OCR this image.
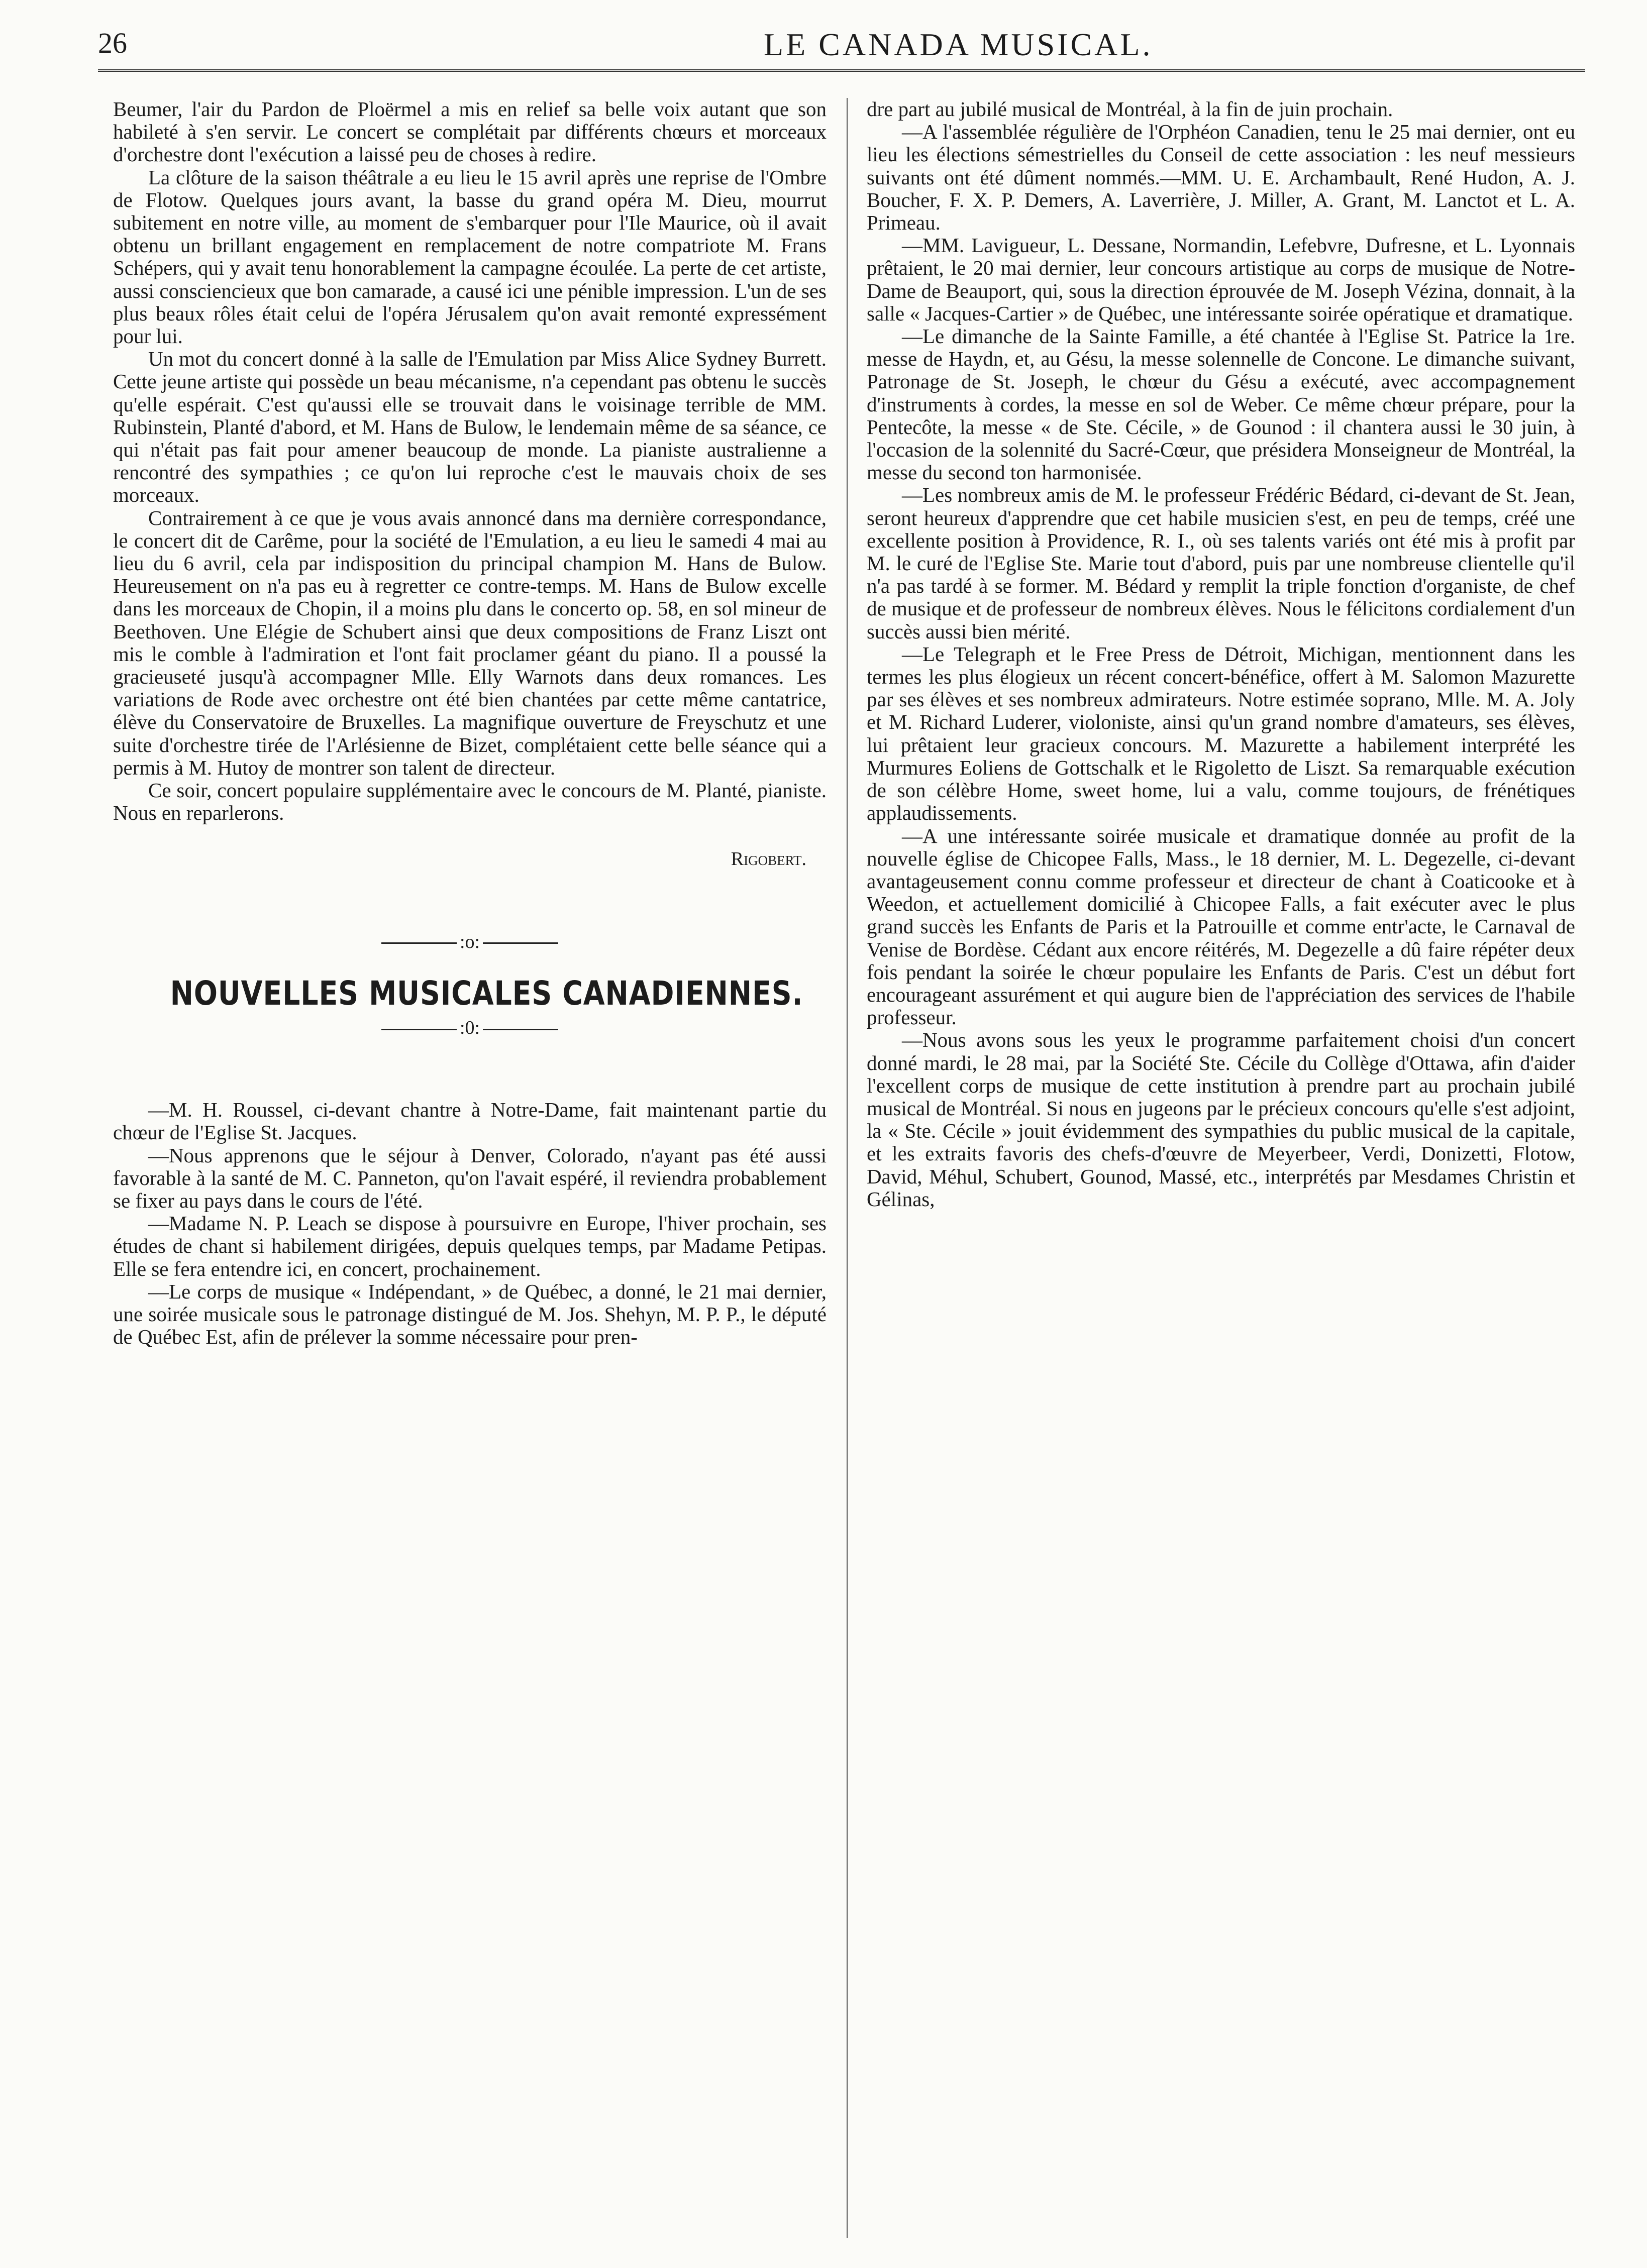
26	LE CANADA MUSICAL.

Beumer, l'air du Pardon de Ploërmel a mis en relief sa belle voix autant que son habileté à s'en servir. Le concert se complétait par différents chœurs et morceaux d'orchestre dont l'exécution a laissé peu de choses à redire.

La clôture de la saison théâtrale a eu lieu le 15 avril après une reprise de l'Ombre de Flotow. Quelques jours avant, la basse du grand opéra M. Dieu, mourrut subitement en notre ville, au moment de s'embarquer pour l'Ile Maurice, où il avait obtenu un brillant engagement en remplacement de notre compatriote M. Frans Schépers, qui y avait tenu honorablement la campagne écoulée. La perte de cet artiste, aussi consciencieux que bon camarade, a causé ici une pénible impression. L'un de ses plus beaux rôles était celui de l'opéra Jérusalem qu'on avait remonté expressément pour lui.

Un mot du concert donné à la salle de l'Emulation par Miss Alice Sydney Burrett. Cette jeune artiste qui possède un beau mécanisme, n'a cependant pas obtenu le succès qu'elle espérait. C'est qu'aussi elle se trouvait dans le voisinage terrible de MM. Rubinstein, Planté d'abord, et M. Hans de Bulow, le lendemain même de sa séance, ce qui n'était pas fait pour amener beaucoup de monde. La pianiste australienne a rencontré des sympathies ; ce qu'on lui reproche c'est le mauvais choix de ses morceaux.

Contrairement à ce que je vous avais annoncé dans ma dernière correspondance, le concert dit de Carême, pour la société de l'Emulation, a eu lieu le samedi 4 mai au lieu du 6 avril, cela par indisposition du principal champion M. Hans de Bulow. Heureusement on n'a pas eu à regretter ce contre-temps. M. Hans de Bulow excelle dans les morceaux de Chopin, il a moins plu dans le concerto op. 58, en sol mineur de Beethoven. Une Elégie de Schubert ainsi que deux compositions de Franz Liszt ont mis le comble à l'admiration et l'ont fait proclamer géant du piano. Il a poussé la gracieuseté jusqu'à accompagner Mlle. Elly Warnots dans deux romances. Les variations de Rode avec orchestre ont été bien chantées par cette même cantatrice, élève du Conservatoire de Bruxelles. La magnifique ouverture de Freyschutz et une suite d'orchestre tirée de l'Arlésienne de Bizet, complétaient cette belle séance qui a permis à M. Hutoy de montrer son talent de directeur.

Ce soir, concert populaire supplémentaire avec le concours de M. Planté, pianiste. Nous en reparlerons.

Rigobert.
:o:
NOUVELLES MUSICALES CANADIENNES.
:0:

—M. H. Roussel, ci-devant chantre à Notre-Dame, fait maintenant partie du chœur de l'Eglise St. Jacques.

—Nous apprenons que le séjour à Denver, Colorado, n'ayant pas été aussi favorable à la santé de M. C. Panneton, qu'on l'avait espéré, il reviendra probablement se fixer au pays dans le cours de l'été.

—Madame N. P. Leach se dispose à poursuivre en Europe, l'hiver prochain, ses études de chant si habilement dirigées, depuis quelques temps, par Madame Petipas. Elle se fera entendre ici, en concert, prochainement.

—Le corps de musique « Indépendant, » de Québec, a donné, le 21 mai dernier, une soirée musicale sous le patronage distingué de M. Jos. Shehyn, M. P. P., le député de Québec Est, afin de prélever la somme nécessaire pour pren-

dre part au jubilé musical de Montréal, à la fin de juin prochain.

—A l'assemblée régulière de l'Orphéon Canadien, tenu le 25 mai dernier, ont eu lieu les élections sémestrielles du Conseil de cette association : les neuf messieurs suivants ont été dûment nommés.—MM. U. E. Archambault, René Hudon, A. J. Boucher, F. X. P. Demers, A. Laverrière, J. Miller, A. Grant, M. Lanctot et L. A. Primeau.

—MM. Lavigueur, L. Dessane, Normandin, Lefebvre, Dufresne, et L. Lyonnais prêtaient, le 20 mai dernier, leur concours artistique au corps de musique de Notre-Dame de Beauport, qui, sous la direction éprouvée de M. Joseph Vézina, donnait, à la salle « Jacques-Cartier » de Québec, une intéressante soirée opératique et dramatique.

—Le dimanche de la Sainte Famille, a été chantée à l'Eglise St. Patrice la 1re. messe de Haydn, et, au Gésu, la messe solennelle de Concone. Le dimanche suivant, Patronage de St. Joseph, le chœur du Gésu a exécuté, avec accompagnement d'instruments à cordes, la messe en sol de Weber. Ce même chœur prépare, pour la Pentecôte, la messe « de Ste. Cécile, » de Gounod : il chantera aussi le 30 juin, à l'occasion de la solennité du Sacré-Cœur, que présidera Monseigneur de Montréal, la messe du second ton harmonisée.

—Les nombreux amis de M. le professeur Frédéric Bédard, ci-devant de St. Jean, seront heureux d'apprendre que cet habile musicien s'est, en peu de temps, créé une excellente position à Providence, R. I., où ses talents variés ont été mis à profit par M. le curé de l'Eglise Ste. Marie tout d'abord, puis par une nombreuse clientelle qu'il n'a pas tardé à se former. M. Bédard y remplit la triple fonction d'organiste, de chef de musique et de professeur de nombreux élèves. Nous le félicitons cordialement d'un succès aussi bien mérité.

—Le Telegraph et le Free Press de Détroit, Michigan, mentionnent dans les termes les plus élogieux un récent concert-bénéfice, offert à M. Salomon Mazurette par ses élèves et ses nombreux admirateurs. Notre estimée soprano, Mlle. M. A. Joly et M. Richard Luderer, violoniste, ainsi qu'un grand nombre d'amateurs, ses élèves, lui prêtaient leur gracieux concours. M. Mazurette a habilement interprété les Murmures Eoliens de Gottschalk et le Rigoletto de Liszt. Sa remarquable exécution de son célèbre Home, sweet home, lui a valu, comme toujours, de frénétiques applaudissements.

—A une intéressante soirée musicale et dramatique donnée au profit de la nouvelle église de Chicopee Falls, Mass., le 18 dernier, M. L. Degezelle, ci-devant avantageusement connu comme professeur et directeur de chant à Coaticooke et à Weedon, et actuellement domicilié à Chicopee Falls, a fait exécuter avec le plus grand succès les Enfants de Paris et la Patrouille et comme entr'acte, le Carnaval de Venise de Bordèse. Cédant aux encore réitérés, M. Degezelle a dû faire répéter deux fois pendant la soirée le chœur populaire les Enfants de Paris. C'est un début fort encourageant assurément et qui augure bien de l'appréciation des services de l'habile professeur.

—Nous avons sous les yeux le programme parfaitement choisi d'un concert donné mardi, le 28 mai, par la Société Ste. Cécile du Collège d'Ottawa, afin d'aider l'excellent corps de musique de cette institution à prendre part au prochain jubilé musical de Montréal. Si nous en jugeons par le précieux concours qu'elle s'est adjoint, la « Ste. Cécile » jouit évidemment des sympathies du public musical de la capitale, et les extraits favoris des chefs-d'œuvre de Meyerbeer, Verdi, Donizetti, Flotow, David, Méhul, Schubert, Gounod, Massé, etc., interprétés par Mesdames Christin et Gélinas,
